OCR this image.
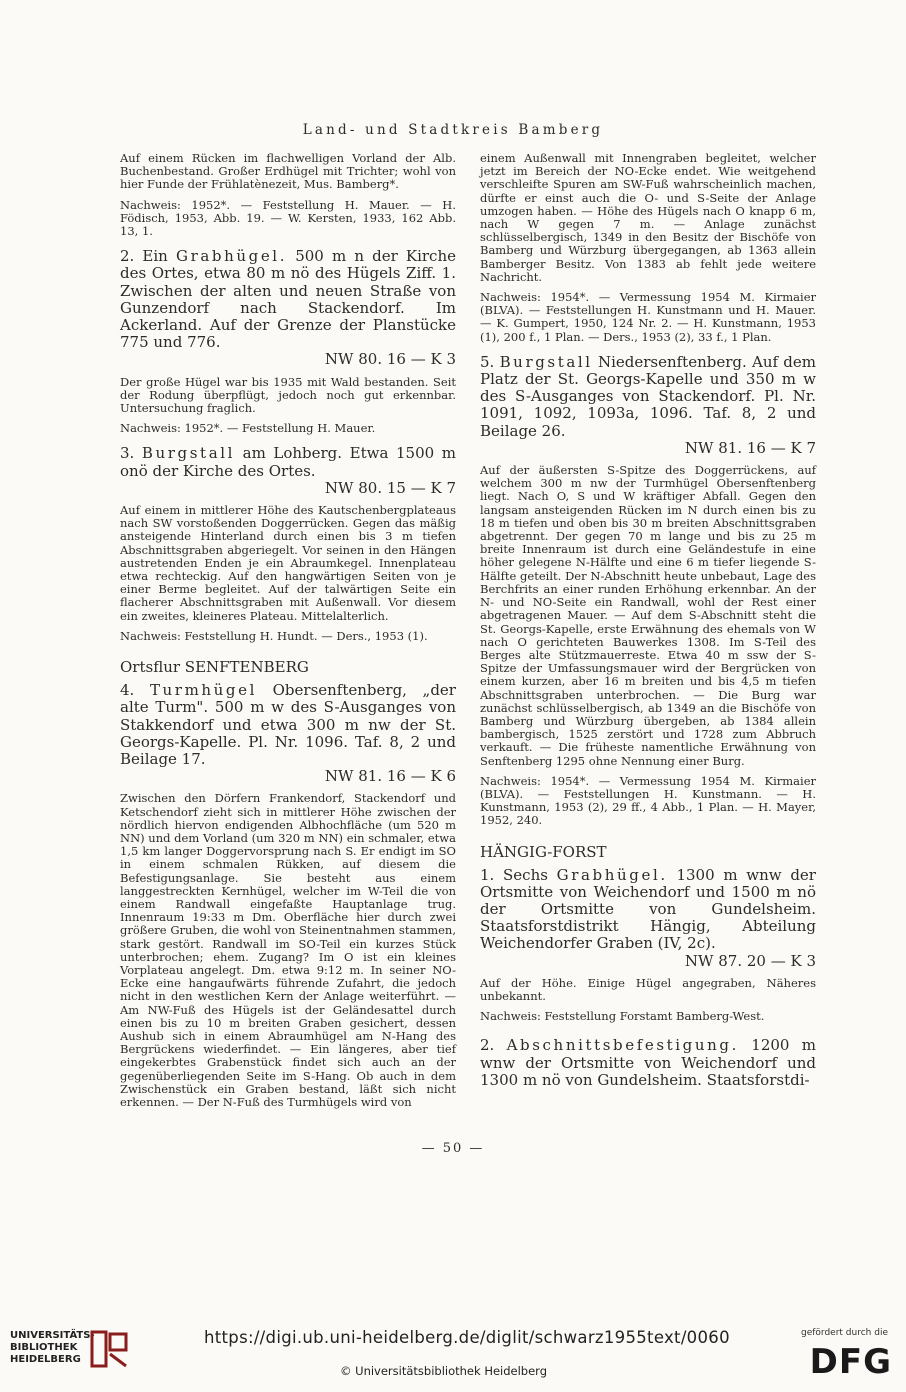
Land- und Stadtkreis Bamberg

Auf einem Rücken im flachwelligen Vorland der Alb. Buchenbestand. Großer Erdhügel mit Trichter; wohl von hier Funde der Frühlatènezeit, Mus. Bamberg*.

Nachweis: 1952*. — Feststellung H. Mauer. — H. Födisch, 1953, Abb. 19. — W. Kersten, 1933, 162 Abb. 13, 1.

2. Ein Grabhügel. 500 m n der Kirche des Ortes, etwa 80 m nö des Hügels Ziff. 1. Zwischen der alten und neuen Straße von Gunzendorf nach Stackendorf. Im Ackerland. Auf der Grenze der Planstücke 775 und 776.
NW 80. 16 — K 3

Der große Hügel war bis 1935 mit Wald bestanden. Seit der Rodung überpflügt, jedoch noch gut erkennbar. Untersuchung fraglich.

Nachweis: 1952*. — Feststellung H. Mauer.

3. Burgstall am Lohberg. Etwa 1500 m onö der Kirche des Ortes.
NW 80. 15 — K 7

Auf einem in mittlerer Höhe des Kautschenbergplateaus nach SW vorstoßenden Doggerrücken. Gegen das mäßig ansteigende Hinterland durch einen bis 3 m tiefen Abschnittsgraben abgeriegelt. Vor seinen in den Hängen austretenden Enden je ein Abraumkegel. Innenplateau etwa rechteckig. Auf den hangwärtigen Seiten von je einer Berme begleitet. Auf der talwärtigen Seite ein flacherer Abschnittsgraben mit Außenwall. Vor diesem ein zweites, kleineres Plateau. Mittelalterlich.

Nachweis: Feststellung H. Hundt. — Ders., 1953 (1).

Ortsflur SENFTENBERG

4. Turmhügel Obersenftenberg, „der alte Turm". 500 m w des S-Ausganges von Stakkendorf und etwa 300 m nw der St. Georgs-Kapelle. Pl. Nr. 1096. Taf. 8, 2 und Beilage 17.
NW 81. 16 — K 6

Zwischen den Dörfern Frankendorf, Stackendorf und Ketschendorf zieht sich in mittlerer Höhe zwischen der nördlich hiervon endigenden Albhochfläche (um 520 m NN) und dem Vorland (um 320 m NN) ein schmaler, etwa 1,5 km langer Doggervorsprung nach S. Er endigt im SO in einem schmalen Rükken, auf diesem die Befestigungsanlage. Sie besteht aus einem langgestreckten Kernhügel, welcher im W-Teil die von einem Randwall eingefaßte Hauptanlage trug. Innenraum 19:33 m Dm. Oberfläche hier durch zwei größere Gruben, die wohl von Steinentnahmen stammen, stark gestört. Randwall im SO-Teil ein kurzes Stück unterbrochen; ehem. Zugang? Im O ist ein kleines Vorplateau angelegt. Dm. etwa 9:12 m. In seiner NO-Ecke eine hangaufwärts führende Zufahrt, die jedoch nicht in den westlichen Kern der Anlage weiterführt. — Am NW-Fuß des Hügels ist der Geländesattel durch einen bis zu 10 m breiten Graben gesichert, dessen Aushub sich in einem Abraumhügel am N-Hang des Bergrückens wiederfindet. — Ein längeres, aber tief eingekerbtes Grabenstück findet sich auch an der gegenüberliegenden Seite im S-Hang. Ob auch in dem Zwischenstück ein Graben bestand, läßt sich nicht erkennen. — Der N-Fuß des Turmhügels wird von

einem Außenwall mit Innengraben begleitet, welcher jetzt im Bereich der NO-Ecke endet. Wie weitgehend verschleifte Spuren am SW-Fuß wahrscheinlich machen, dürfte er einst auch die O- und S-Seite der Anlage umzogen haben. — Höhe des Hügels nach O knapp 6 m, nach W gegen 7 m. — Anlage zunächst schlüsselbergisch, 1349 in den Besitz der Bischöfe von Bamberg und Würzburg übergegangen, ab 1363 allein Bamberger Besitz. Von 1383 ab fehlt jede weitere Nachricht.

Nachweis: 1954*. — Vermessung 1954 M. Kirmaier (BLVA). — Feststellungen H. Kunstmann und H. Mauer. — K. Gumpert, 1950, 124 Nr. 2. — H. Kunstmann, 1953 (1), 200 f., 1 Plan. — Ders., 1953 (2), 33 f., 1 Plan.

5. Burgstall Niedersenftenberg. Auf dem Platz der St. Georgs-Kapelle und 350 m w des S-Ausganges von Stackendorf. Pl. Nr. 1091, 1092, 1093a, 1096. Taf. 8, 2 und Beilage 26.
NW 81. 16 — K 7

Auf der äußersten S-Spitze des Doggerrückens, auf welchem 300 m nw der Turmhügel Obersenftenberg liegt. Nach O, S und W kräftiger Abfall. Gegen den langsam ansteigenden Rücken im N durch einen bis zu 18 m tiefen und oben bis 30 m breiten Abschnittsgraben abgetrennt. Der gegen 70 m lange und bis zu 25 m breite Innenraum ist durch eine Geländestufe in eine höher gelegene N-Hälfte und eine 6 m tiefer liegende S-Hälfte geteilt. Der N-Abschnitt heute unbebaut, Lage des Berchfrits an einer runden Erhöhung erkennbar. An der N- und NO-Seite ein Randwall, wohl der Rest einer abgetragenen Mauer. — Auf dem S-Abschnitt steht die St. Georgs-Kapelle, erste Erwähnung des ehemals von W nach O gerichteten Bauwerkes 1308. Im S-Teil des Berges alte Stützmauerreste. Etwa 40 m ssw der S-Spitze der Umfassungsmauer wird der Bergrücken von einem kurzen, aber 16 m breiten und bis 4,5 m tiefen Abschnittsgraben unterbrochen. — Die Burg war zunächst schlüsselbergisch, ab 1349 an die Bischöfe von Bamberg und Würzburg übergeben, ab 1384 allein bambergisch, 1525 zerstört und 1728 zum Abbruch verkauft. — Die früheste namentliche Erwähnung von Senftenberg 1295 ohne Nennung einer Burg.

Nachweis: 1954*. — Vermessung 1954 M. Kirmaier (BLVA). — Feststellungen H. Kunstmann. — H. Kunstmann, 1953 (2), 29 ff., 4 Abb., 1 Plan. — H. Mayer, 1952, 240.

HÄNGIG-FORST

1. Sechs Grabhügel. 1300 m wnw der Ortsmitte von Weichendorf und 1500 m nö der Ortsmitte von Gundelsheim. Staatsforstdistrikt Hängig, Abteilung Weichendorfer Graben (IV, 2c).
NW 87. 20 — K 3

Auf der Höhe. Einige Hügel angegraben, Näheres unbekannt.

Nachweis: Feststellung Forstamt Bamberg-West.

2. Abschnittsbefestigung. 1200 m wnw der Ortsmitte von Weichendorf und 1300 m nö von Gundelsheim. Staatsforstdi-

— 50 —
UNIVERSITÄTS-
BIBLIOTHEK
HEIDELBERG
https://digi.ub.uni-heidelberg.de/diglit/schwarz1955text/0060
© Universitätsbibliothek Heidelberg
gefördert durch die
DFG
